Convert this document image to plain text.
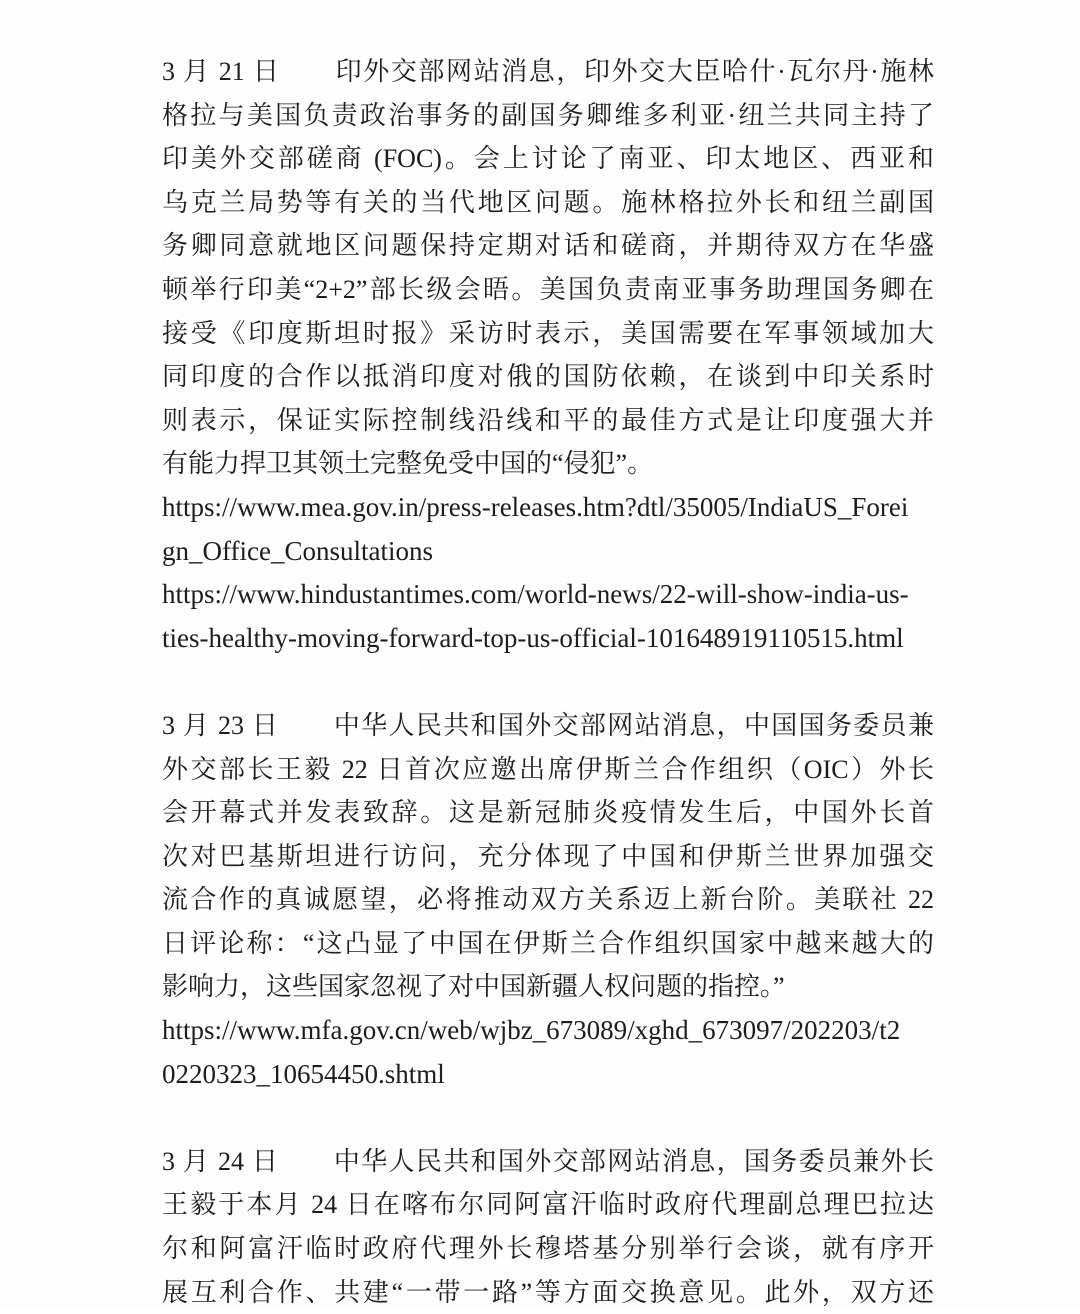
3 月 21 日　　印外交部网站消息，印外交大臣哈什·瓦尔丹·施林
格拉与美国负责政治事务的副国务卿维多利亚·纽兰共同主持了
印美外交部磋商 (FOC)。会上讨论了南亚、印太地区、西亚和
乌克兰局势等有关的当代地区问题。施林格拉外长和纽兰副国
务卿同意就地区问题保持定期对话和磋商，并期待双方在华盛
顿举行印美“2+2”部长级会晤。美国负责南亚事务助理国务卿在
接受《印度斯坦时报》采访时表示，美国需要在军事领域加大
同印度的合作以抵消印度对俄的国防依赖，在谈到中印关系时
则表示，保证实际控制线沿线和平的最佳方式是让印度强大并
有能力捍卫其领土完整免受中国的“侵犯”。
https://www.mea.gov.in/press-releases.htm?dtl/35005/IndiaUS_Forei
gn_Office_Consultations
https://www.hindustantimes.com/world-news/22-will-show-india-us-
ties-healthy-moving-forward-top-us-official-101648919110515.html
3 月 23 日　　中华人民共和国外交部网站消息，中国国务委员兼
外交部长王毅 22 日首次应邀出席伊斯兰合作组织（OIC）外长
会开幕式并发表致辞。这是新冠肺炎疫情发生后，中国外长首
次对巴基斯坦进行访问，充分体现了中国和伊斯兰世界加强交
流合作的真诚愿望，必将推动双方关系迈上新台阶。美联社 22
日评论称：“这凸显了中国在伊斯兰合作组织国家中越来越大的
影响力，这些国家忽视了对中国新疆人权问题的指控。”
https://www.mfa.gov.cn/web/wjbz_673089/xghd_673097/202203/t2
0220323_10654450.shtml
3 月 24 日　　中华人民共和国外交部网站消息，国务委员兼外长
王毅于本月 24 日在喀布尔同阿富汗临时政府代理副总理巴拉达
尔和阿富汗临时政府代理外长穆塔基分别举行会谈，就有序开
展互利合作、共建“一带一路”等方面交换意见。此外，双方还
